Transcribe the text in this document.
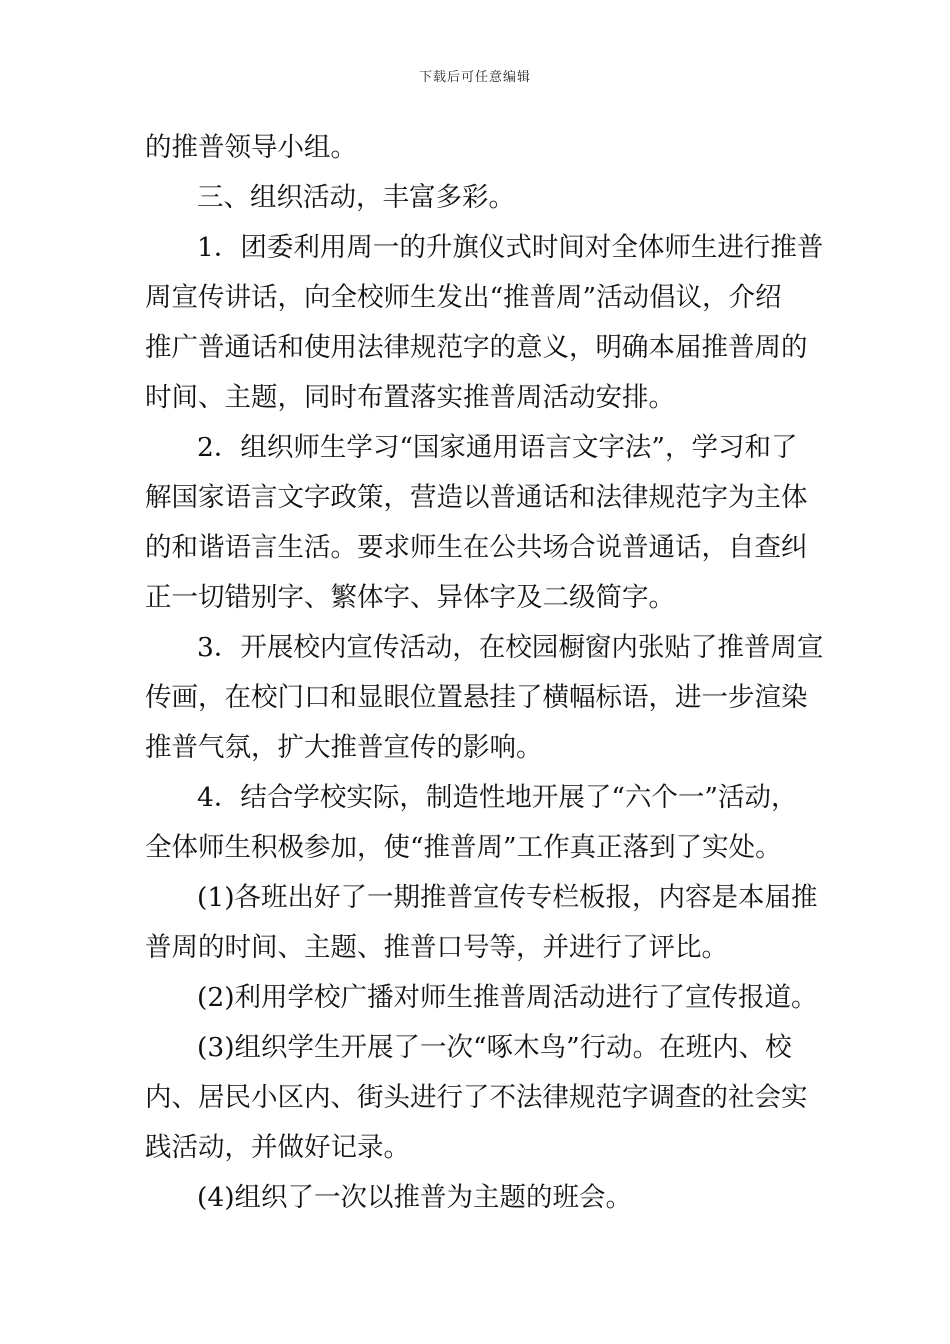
下载后可任意编辑
的推普领导小组。
三、组织活动，丰富多彩。
1．团委利用周一的升旗仪式时间对全体师生进行推普
周宣传讲话，向全校师生发出“推普周”活动倡议，介绍
推广普通话和使用法律规范字的意义，明确本届推普周的
时间、主题，同时布置落实推普周活动安排。
2．组织师生学习“国家通用语言文字法”，学习和了
解国家语言文字政策，营造以普通话和法律规范字为主体
的和谐语言生活。要求师生在公共场合说普通话，自查纠
正一切错别字、繁体字、异体字及二级简字。
3．开展校内宣传活动，在校园橱窗内张贴了推普周宣
传画，在校门口和显眼位置悬挂了横幅标语，进一步渲染
推普气氛，扩大推普宣传的影响。
4．结合学校实际，制造性地开展了“六个一”活动，
全体师生积极参加，使“推普周”工作真正落到了实处。
(1)各班出好了一期推普宣传专栏板报，内容是本届推
普周的时间、主题、推普口号等，并进行了评比。
(2)利用学校广播对师生推普周活动进行了宣传报道。
(3)组织学生开展了一次“啄木鸟”行动。在班内、校
内、居民小区内、街头进行了不法律规范字调查的社会实
践活动，并做好记录。
(4)组织了一次以推普为主题的班会。
